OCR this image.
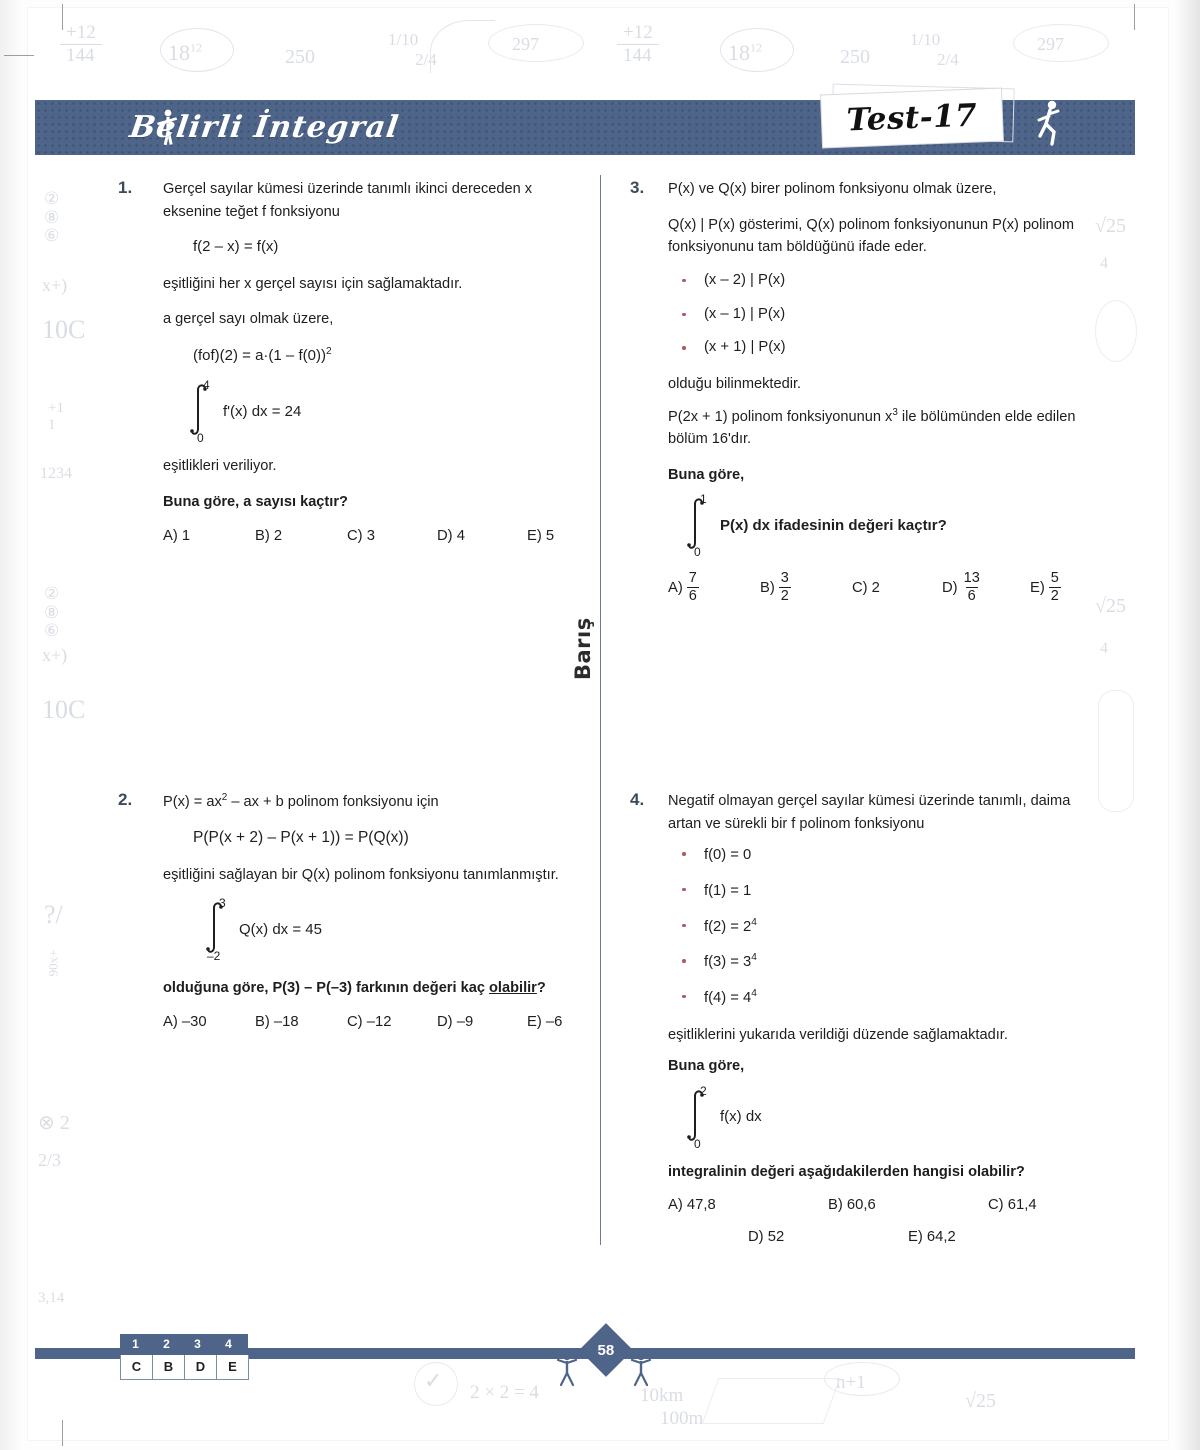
+12
144	$18^{12}$	250
1/10
2/4
297
+12
144	$18^{12}$	250
1/10
2/4
297
②
⑧
⑥
x+)
10C
+1
1
1234
②
⑧
⑥
x+)
10C
?/
90x+
⊗ 2
2/3
3,14
√25
4
√25
4
2 × 2 = 4	10km
100m
n+1
√25
✓
Belirli İntegral	Test-17
Barış
1. Gerçel sayılar kümesi üzerinde tanımlı ikinci dereceden x eksenine teğet f fonksiyonu

f(2 – x) = f(x)

eşitliğini her x gerçel sayısı için sağlamaktadır.

a gerçel sayı olmak üzere,

(fof)(2) = a·(1 – f(0))$^2$

4
0
f'(x) dx = 24

eşitlikleri veriliyor.

Buna göre, a sayısı kaçtır?

A) 1	B) 2	C) 3	D) 4	E) 5
2. $P(x) = ax^2$ – ax + b polinom fonksiyonu için

P(P(x + 2) – P(x + 1)) = P(Q(x))

eşitliğini sağlayan bir Q(x) polinom fonksiyonu tanımlanmıştır.

3
–2
Q(x) dx = 45

olduğuna göre, P(3) – P(–3) farkının değeri kaç olabilir?

A) –30	B) –18	C) –12	D) –9	E) –6
3. P(x) ve Q(x) birer polinom fonksiyonu olmak üzere,

Q(x) | P(x) gösterimi, Q(x) polinom fonksiyonunun P(x) polinom fonksiyonunu tam böldüğünü ifade eder.

(x – 2) | P(x)
(x – 1) | P(x)
(x + 1) | P(x)

olduğu bilinmektedir.

P(2x + 1) polinom fonksiyonunun $x^3$ ile bölümünden elde edilen bölüm 16'dır.

Buna göre,

1
0
P(x) dx ifadesinin değeri kaçtır?
$A) \frac{7}{6}$	$B) \frac{3}{2}$	C) 2	$D) \frac{13}{6}$	$E) \frac{5}{2}$
4. Negatif olmayan gerçel sayılar kümesi üzerinde tanımlı, daima artan ve sürekli bir f polinom fonksiyonu

f(0) = 0
f(1) = 1
$f(2) = 2^4$
$f(3) = 3^4$
$f(4) = 4^4$

eşitliklerini yukarıda verildiği düzende sağlamaktadır.

Buna göre,

2
0
f(x) dx

integralinin değeri aşağıdakilerden hangisi olabilir?

A) 47,8	B) 60,6	C) 61,4
D) 52	E) 64,2
1	2	3	4
C	B	D	E
58
